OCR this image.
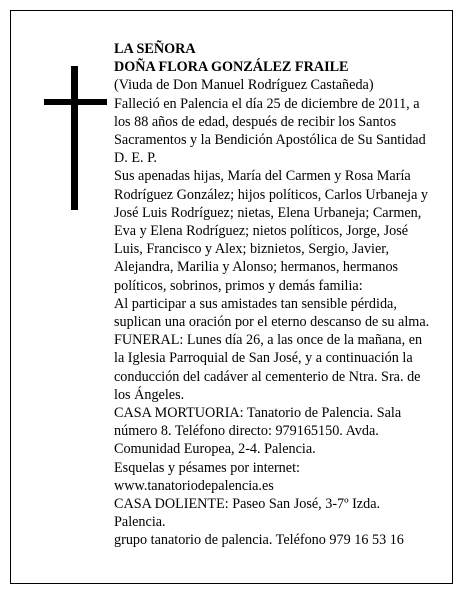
LA SEÑORA

DOÑA FLORA GONZÁLEZ FRAILE

(Viuda de Don Manuel Rodríguez Castañeda)

Falleció en Palencia el día 25 de diciembre de 2011, a los 88 años de edad, después de recibir los Santos Sacramentos y la Bendición Apostólica de Su Santidad D. E. P.

Sus apenadas hijas, María del Carmen y Rosa María Rodríguez González; hijos políticos, Carlos Urbaneja y José Luis Rodríguez; nietas, Elena Urbaneja; Carmen, Eva y Elena Rodríguez; nietos políticos, Jorge, José Luis, Francisco y Alex; biznietos, Sergio, Javier, Alejandra, Marilia y Alonso; hermanos, hermanos políticos, sobrinos, primos y demás familia:

Al participar a sus amistades tan sensible pérdida, suplican una oración por el eterno descanso de su alma.

FUNERAL: Lunes día 26, a las once de la mañana, en la Iglesia Parroquial de San José, y a continuación la conducción del cadáver al cementerio de Ntra. Sra. de los Ángeles.

CASA MORTUORIA: Tanatorio de Palencia. Sala número 8. Teléfono directo: 979165150. Avda. Comunidad Europea, 2-4. Palencia.

Esquelas y pésames por internet:

www.tanatoriodepalencia.es

CASA DOLIENTE: Paseo San José, 3-7º Izda. Palencia.

grupo tanatorio de palencia. Teléfono 979 16 53 16
